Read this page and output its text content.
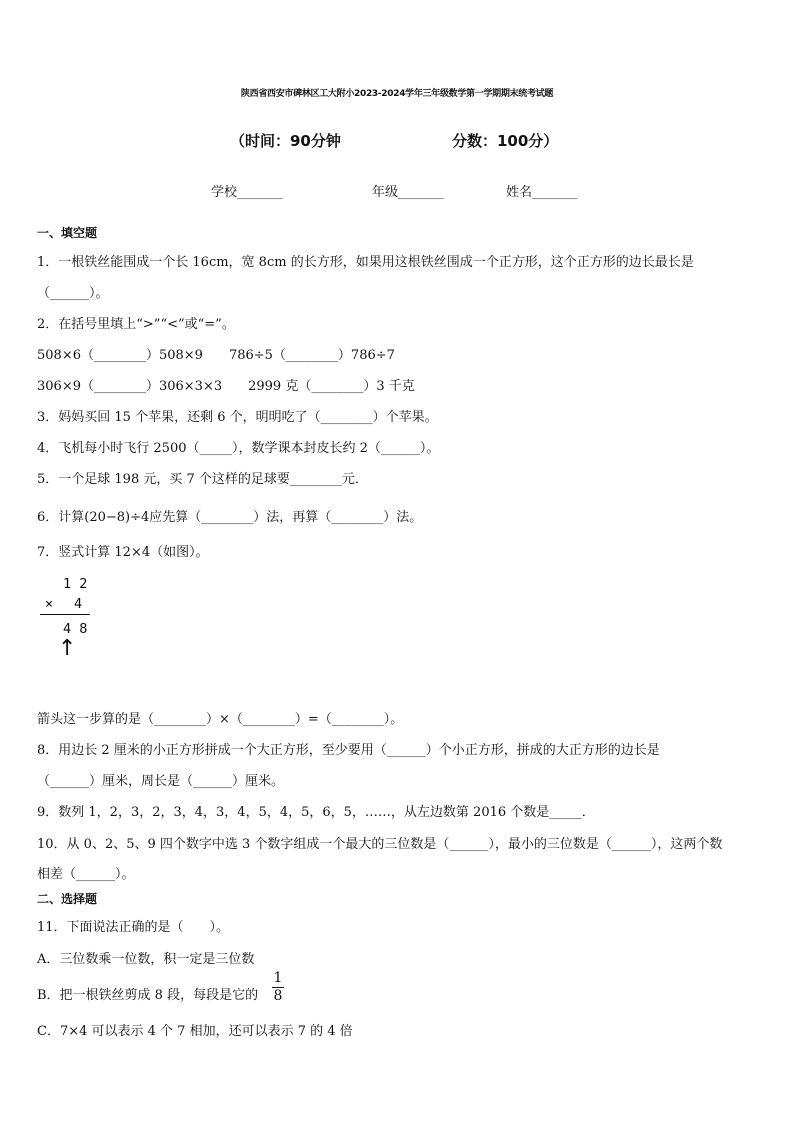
陕西省西安市碑林区工大附小2023-2024学年三年级数学第一学期期末统考试题
（时间：90分钟	分数：100分）
学校_______	年级_______	姓名_______
一、填空题
1．一根铁丝能围成一个长 16cm，宽 8cm 的长方形，如果用这根铁丝围成一个正方形，这个正方形的边长最长是
（______）。
2．在括号里填上“>”“<”或“=”。
508×6（________）508×9　　786÷5（________）786÷7
306×9（________）306×3×3　　2999 克（________）3 千克
3．妈妈买回 15 个苹果，还剩 6 个，明明吃了（________）个苹果。
4．飞机每小时飞行 2500（_____），数学课本封皮长约 2（______）。
5．一个足球 198 元，买 7 个这样的足球要________元．
6．计算(20−8)÷4应先算（________）法，再算（________）法。
7．竖式计算 12×4（如图）。
1 2
× 4
4 8
↑
箭头这一步算的是（________）×（________）=（________）。
8．用边长 2 厘米的小正方形拼成一个大正方形，至少要用（______）个小正方形，拼成的大正方形的边长是
（______）厘米，周长是（______）厘米。
9．数列 1，2，3，2，3，4，3，4，5，4，5，6，5，……，从左边数第 2016 个数是_____．
10．从 0、2、5、9 四个数字中选 3 个数字组成一个最大的三位数是（______），最小的三位数是（______），这两个数
相差（______）。
二、选择题
11．下面说法正确的是（　　）。
A．三位数乘一位数，积一定是三位数
B．把一根铁丝剪成 8 段，每段是它的 $\frac{1}{8}$
C．7×4 可以表示 4 个 7 相加，还可以表示 7 的 4 倍
